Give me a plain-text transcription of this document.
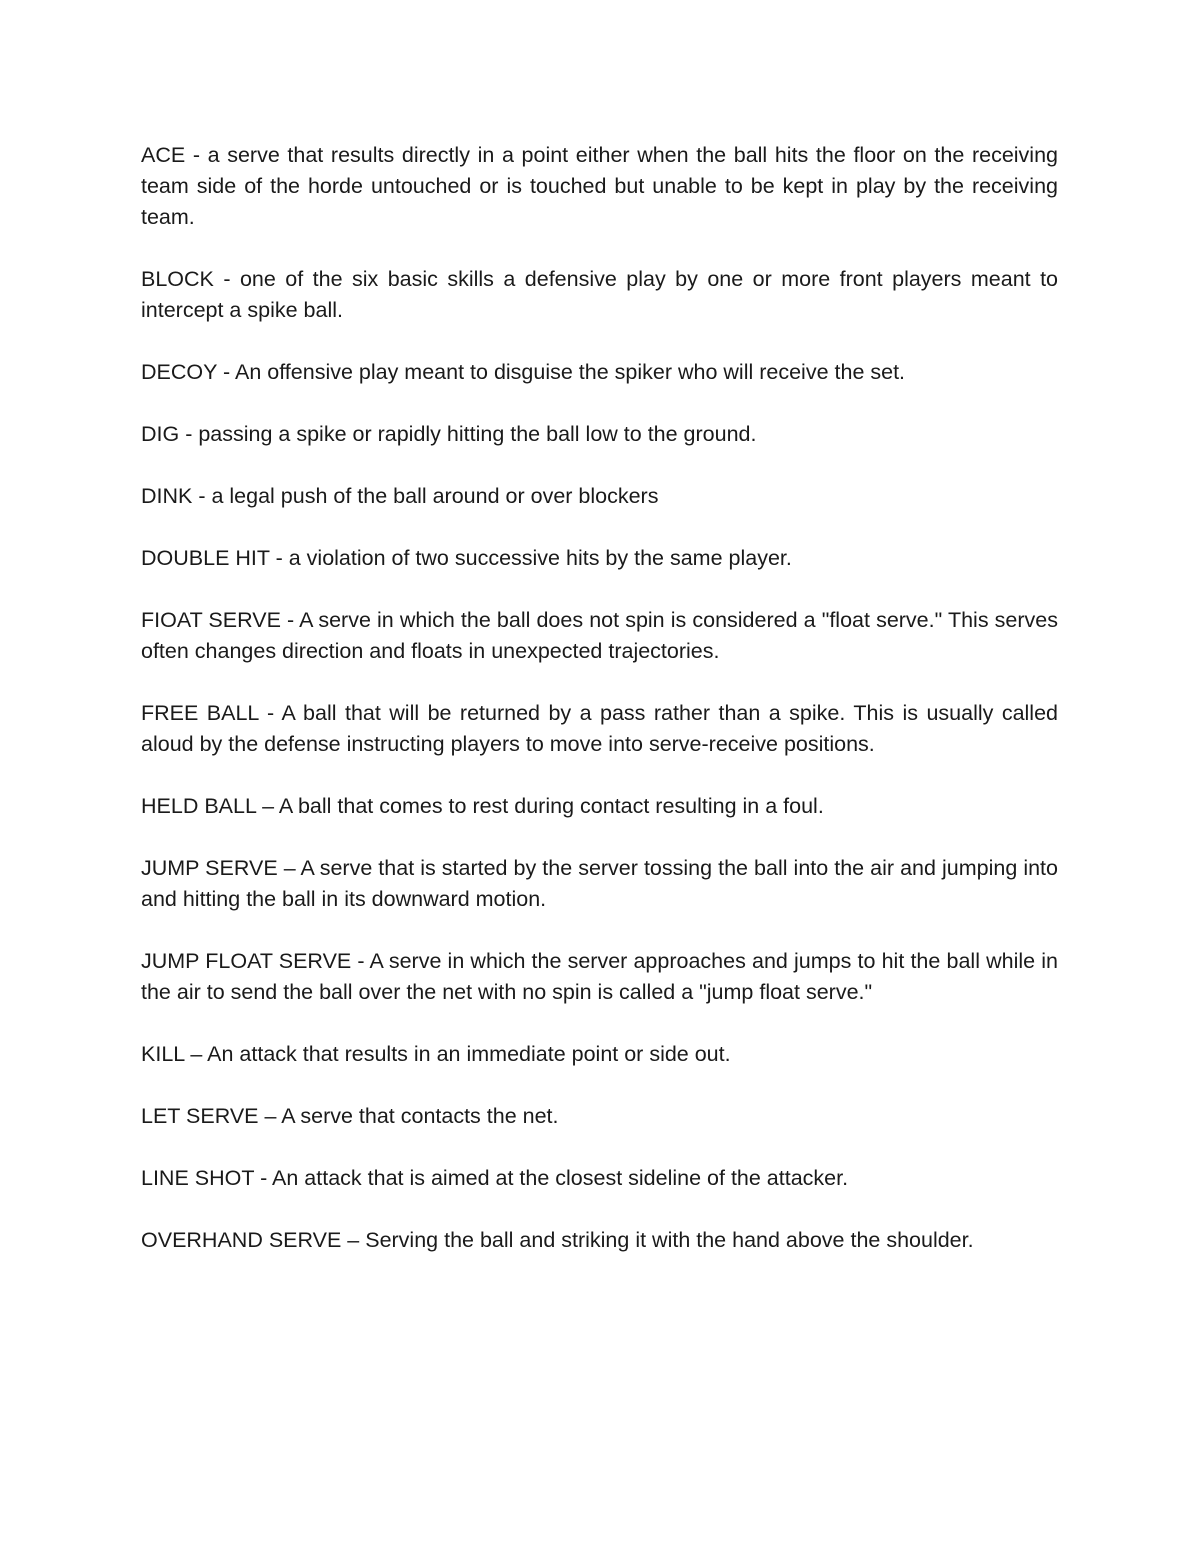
ACE - a serve that results directly in a point either when the ball hits the floor on the receiving team side of the horde untouched or is touched but unable to be kept in play by the receiving team.

BLOCK - one of the six basic skills a defensive play by one or more front players meant to intercept a spike ball.

DECOY - An offensive play meant to disguise the spiker who will receive the set.

DIG - passing a spike or rapidly hitting the ball low to the ground.

DINK - a legal push of the ball around or over blockers

DOUBLE HIT - a violation of two successive hits by the same player.

FIOAT SERVE - A serve in which the ball does not spin is considered a "float serve." This serves often changes direction and floats in unexpected trajectories.

FREE BALL - A ball that will be returned by a pass rather than a spike. This is usually called aloud by the defense instructing players to move into serve-receive positions.

HELD BALL – A ball that comes to rest during contact resulting in a foul.

JUMP SERVE – A serve that is started by the server tossing the ball into the air and jumping into and hitting the ball in its downward motion.

JUMP FLOAT SERVE - A serve in which the server approaches and jumps to hit the ball while in the air to send the ball over the net with no spin is called a "jump float serve."

KILL – An attack that results in an immediate point or side out.

LET SERVE – A serve that contacts the net.

LINE SHOT - An attack that is aimed at the closest sideline of the attacker.

OVERHAND SERVE – Serving the ball and striking it with the hand above the shoulder.
